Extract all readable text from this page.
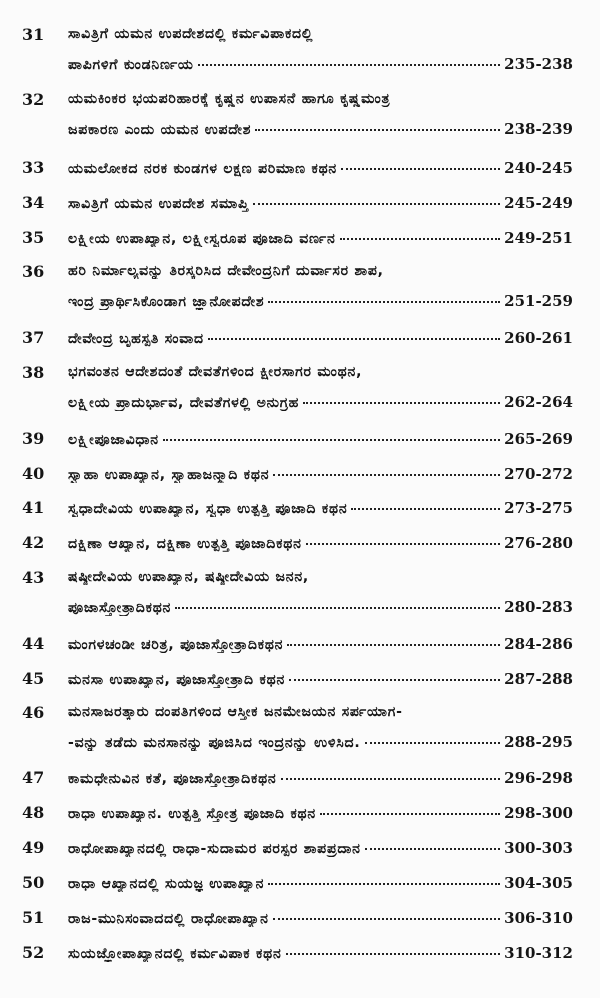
31 ಸಾವಿತ್ರಿಗೆ ಯಮನ ಉಪದೇಶದಲ್ಲಿ ಕರ್ಮವಿಪಾಕದಲ್ಲಿ
ಪಾಪಿಗಳಿಗೆ ಕುಂಡನಿರ್ಣಯ	235-238
32 ಯಮಕಿಂಕರ ಭಯಪರಿಹಾರಕ್ಕೆ ಕೃಷ್ಣನ ಉಪಾಸನೆ ಹಾಗೂ ಕೃಷ್ಣಮಂತ್ರ
ಜಪಕಾರಣ ಎಂದು ಯಮನ ಉಪದೇಶ	238-239
33 ಯಮಲೋಕದ ನರಕ ಕುಂಡಗಳ ಲಕ್ಷಣ ಪರಿಮಾಣ ಕಥನ	240-245
34 ಸಾವಿತ್ರಿಗೆ ಯಮನ ಉಪದೇಶ ಸಮಾಪ್ತಿ	245-249
35 ಲಕ್ಷ್ಮೀಯ ಉಪಾಖ್ಯಾನ, ಲಕ್ಷ್ಮೀಸ್ವರೂಪ ಪೂಜಾದಿ ವರ್ಣನ	249-251
36 ಹರಿ ನಿರ್ಮಾಲ್ಯವನ್ನು ತಿರಸ್ಕರಿಸಿದ ದೇವೇಂದ್ರನಿಗೆ ದುರ್ವಾಸರ ಶಾಪ,
ಇಂದ್ರ ಪ್ರಾರ್ಥಿಸಿಕೊಂಡಾಗ ಜ್ಞಾನೋಪದೇಶ	251-259
37 ದೇವೇಂದ್ರ ಬೃಹಸ್ಪತಿ ಸಂವಾದ	260-261
38 ಭಗವಂತನ ಆದೇಶದಂತೆ ದೇವತೆಗಳಿಂದ ಕ್ಷೀರಸಾಗರ ಮಂಥನ,
ಲಕ್ಷ್ಮೀಯ ಪ್ರಾದುರ್ಭಾವ, ದೇವತೆಗಳಲ್ಲಿ ಅನುಗ್ರಹ	262-264
39 ಲಕ್ಷ್ಮೀಪೂಜಾವಿಧಾನ	265-269
40 ಸ್ವಾಹಾ ಉಪಾಖ್ಯಾನ, ಸ್ವಾಹಾಜನ್ಮಾದಿ ಕಥನ	270-272
41 ಸ್ವಧಾದೇವಿಯ ಉಪಾಖ್ಯಾನ, ಸ್ವಧಾ ಉತ್ಪತ್ತಿ ಪೂಜಾದಿ ಕಥನ	273-275
42 ದಕ್ಷಿಣಾ ಆಖ್ಯಾನ, ದಕ್ಷಿಣಾ ಉತ್ಪತ್ತಿ ಪೂಜಾದಿಕಥನ	276-280
43 ಷಷ್ಠೀದೇವಿಯ ಉಪಾಖ್ಯಾನ, ಷಷ್ಠೀದೇವಿಯ ಜನನ,
ಪೂಜಾಸ್ತೋತ್ರಾದಿಕಥನ	280-283
44 ಮಂಗಳಚಂಡೀ ಚರಿತ್ರ, ಪೂಜಾಸ್ತೋತ್ರಾದಿಕಥನ	284-286
45 ಮನಸಾ ಉಪಾಖ್ಯಾನ, ಪೂಜಾಸ್ತೋತ್ರಾದಿ ಕಥನ	287-288
46 ಮನಸಾಜರತ್ಕಾರು ದಂಪತಿಗಳಿಂದ ಆಸ್ತೀಕ ಜನಮೇಜಯನ ಸರ್ಪಯಾಗ-
-ವನ್ನು ತಡೆದು ಮನಸಾನನ್ನು ಪೂಜಿಸಿದ ಇಂದ್ರನನ್ನು ಉಳಿಸಿದ.	288-295
47 ಕಾಮಧೇನುವಿನ ಕತೆ, ಪೂಜಾಸ್ತೋತ್ರಾದಿಕಥನ	296-298
48 ರಾಧಾ ಉಪಾಖ್ಯಾನ. ಉತ್ಪತ್ತಿ ಸ್ತೋತ್ರ ಪೂಜಾದಿ ಕಥನ	298-300
49 ರಾಧೋಪಾಖ್ಯಾನದಲ್ಲಿ ರಾಧಾ-ಸುದಾಮರ ಪರಸ್ಪರ ಶಾಪಪ್ರದಾನ	300-303
50 ರಾಧಾ ಆಖ್ಯಾನದಲ್ಲಿ ಸುಯಜ್ಞ ಉಪಾಖ್ಯಾನ	304-305
51 ರಾಜ-ಮುನಿಸಂವಾದದಲ್ಲಿ ರಾಧೋಪಾಖ್ಯಾನ	306-310
52 ಸುಯಜ್ಞೋಪಾಖ್ಯಾನದಲ್ಲಿ ಕರ್ಮವಿಪಾಕ ಕಥನ	310-312
